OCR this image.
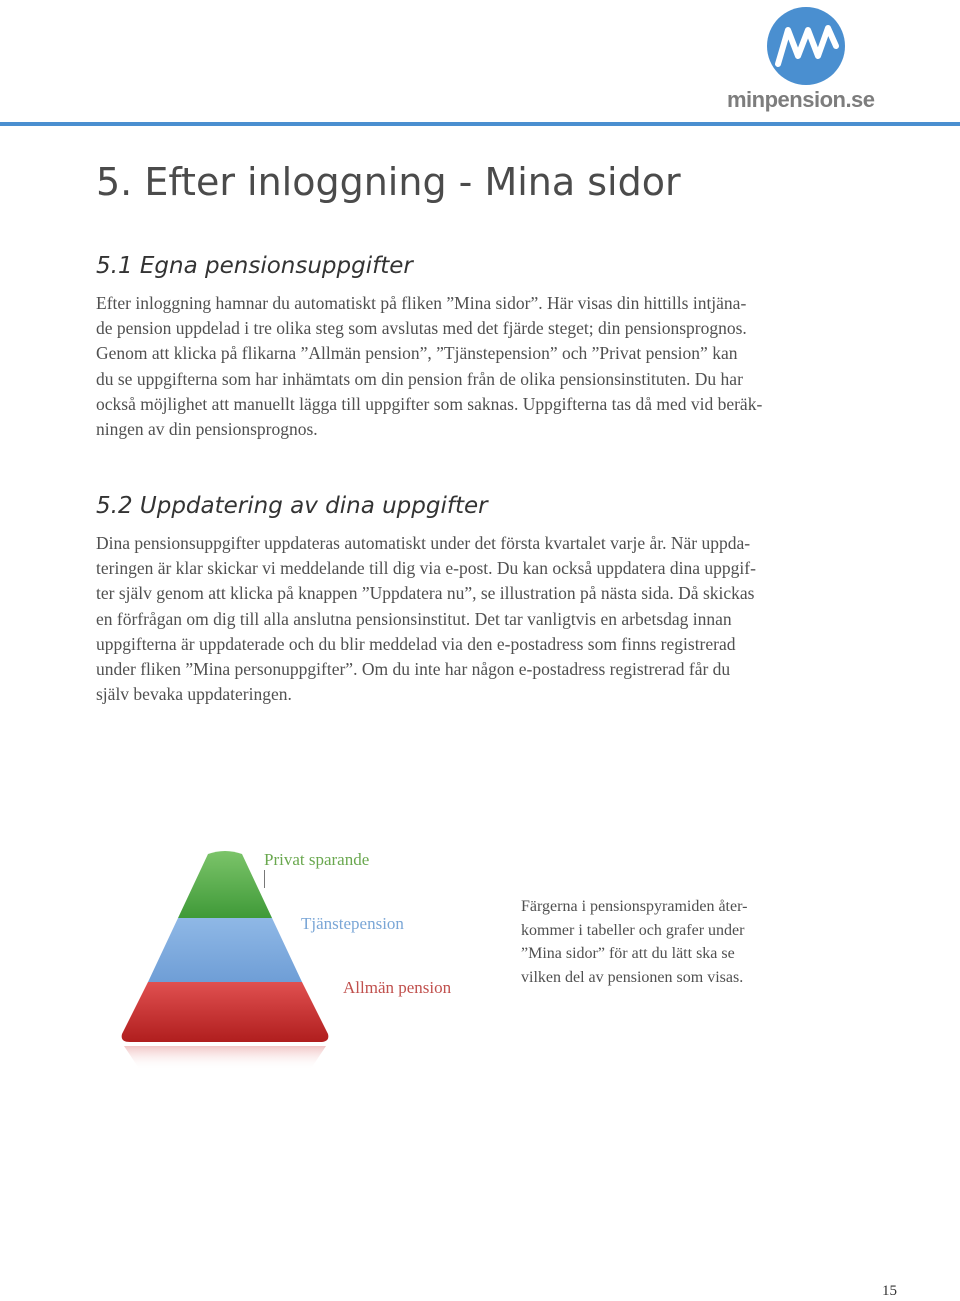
minpension.se
5. Efter inloggning - Mina sidor
5.1 Egna pensionsuppgifter
Efter inloggning hamnar du automatiskt på fliken ”Mina sidor”. Här visas din hittills intjäna-
de pension uppdelad i tre olika steg som avslutas med det fjärde steget; din pensionsprognos.
Genom att klicka på flikarna ”Allmän pension”, ”Tjänstepension” och ”Privat pension” kan
du se uppgifterna som har inhämtats om din pension från de olika pensionsinstituten. Du har
också möjlighet att manuellt lägga till uppgifter som saknas. Uppgifterna tas då med vid beräk-
ningen av din pensionsprognos.
5.2 Uppdatering av dina uppgifter
Dina pensionsuppgifter uppdateras automatiskt under det första kvartalet varje år. När uppda-
teringen är klar skickar vi meddelande till dig via e-post. Du kan också uppdatera dina uppgif-
ter själv genom att klicka på knappen ”Uppdatera nu”, se illustration på nästa sida. Då skickas
en förfrågan om dig till alla anslutna pensionsinstitut. Det tar vanligtvis en arbetsdag innan
uppgifterna är uppdaterade och du blir meddelad via den e-postadress som finns registrerad
under fliken ”Mina personuppgifter”. Om du inte har någon e-postadress registrerad får du
själv bevaka uppdateringen.
Privat sparande
Tjänstepension
Allmän pension
Färgerna i pensionspyramiden åter-
kommer i tabeller och grafer under
”Mina sidor” för att du lätt ska se
vilken del av pensionen som visas.
15
